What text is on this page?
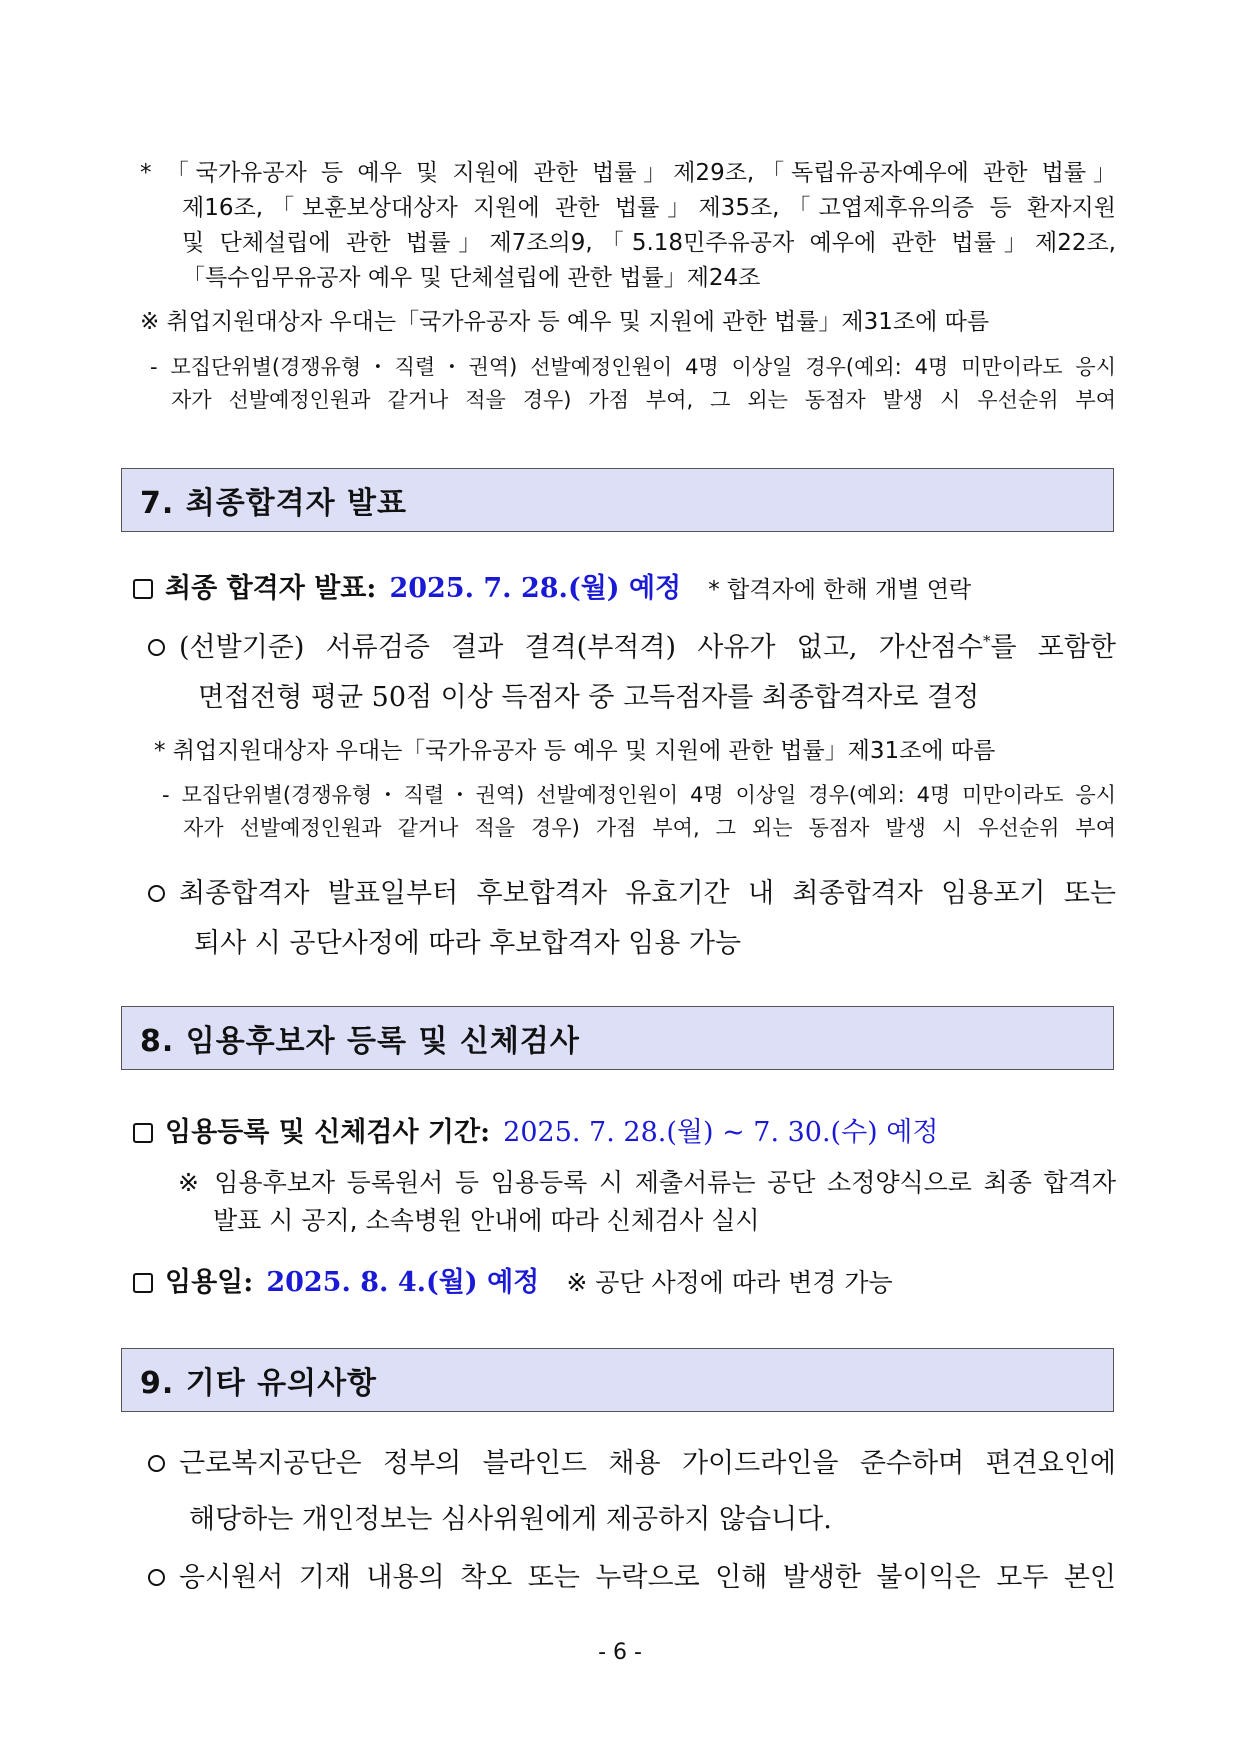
* 「국가유공자 등 예우 및 지원에 관한 법률」제29조,「독립유공자예우에 관한 법률」
제16조,「보훈보상대상자 지원에 관한 법률」제35조,「고엽제후유의증 등 환자지원
및 단체설립에 관한 법률」제7조의9,「5.18민주유공자 예우에 관한 법률」제22조,
「특수임무유공자 예우 및 단체설립에 관한 법률」제24조
※ 취업지원대상자 우대는「국가유공자 등 예우 및 지원에 관한 법률」제31조에 따름
- 모집단위별(경쟁유형・직렬・권역) 선발예정인원이 4명 이상일 경우(예외: 4명 미만이라도 응시
자가 선발예정인원과 같거나 적을 경우) 가점 부여, 그 외는 동점자 발생 시 우선순위 부여
7. 최종합격자 발표
최종 합격자 발표: 2025. 7. 28.(월) 예정 * 합격자에 한해 개별 연락
(선발기준) 서류검증 결과 결격(부적격) 사유가 없고, 가산점수*를 포함한
면접전형 평균 50점 이상 득점자 중 고득점자를 최종합격자로 결정
* 취업지원대상자 우대는「국가유공자 등 예우 및 지원에 관한 법률」제31조에 따름
- 모집단위별(경쟁유형・직렬・권역) 선발예정인원이 4명 이상일 경우(예외: 4명 미만이라도 응시
자가 선발예정인원과 같거나 적을 경우) 가점 부여, 그 외는 동점자 발생 시 우선순위 부여
최종합격자 발표일부터 후보합격자 유효기간 내 최종합격자 임용포기 또는
퇴사 시 공단사정에 따라 후보합격자 임용 가능
8. 임용후보자 등록 및 신체검사
임용등록 및 신체검사 기간: 2025. 7. 28.(월) ~ 7. 30.(수) 예정
※ 임용후보자 등록원서 등 임용등록 시 제출서류는 공단 소정양식으로 최종 합격자
발표 시 공지, 소속병원 안내에 따라 신체검사 실시
임용일: 2025. 8. 4.(월) 예정 ※ 공단 사정에 따라 변경 가능
9. 기타 유의사항
근로복지공단은 정부의 블라인드 채용 가이드라인을 준수하며 편견요인에
해당하는 개인정보는 심사위원에게 제공하지 않습니다.
응시원서 기재 내용의 착오 또는 누락으로 인해 발생한 불이익은 모두 본인
- 6 -
